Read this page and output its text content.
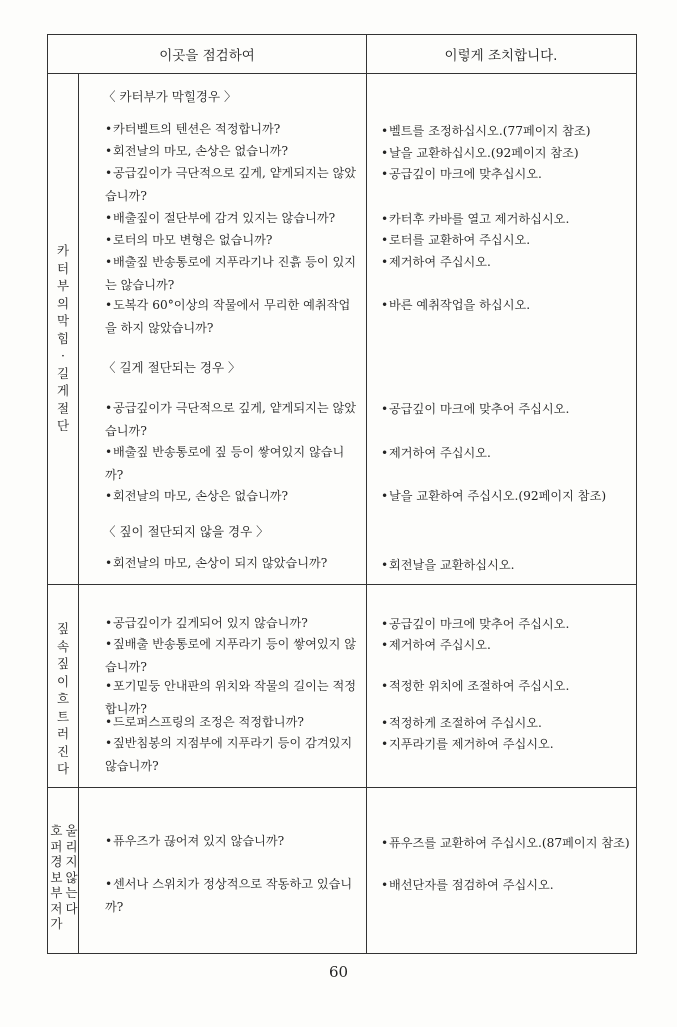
이곳을 점검하여	이렇게 조치합니다.
카
터
부
의
막
힘
·
길
게
절
단
짚
속
짚
이
흐
트
러
진
다
호
퍼
경
보
부
저
가
울
리
지
않
는
다
〈 카터부가 막힐경우 〉
〈 길게 절단되는 경우 〉
〈 짚이 절단되지 않을 경우 〉
•카터벨트의 텐션은 적정합니까?
•회전날의 마모, 손상은 없습니까?
•공급깊이가 극단적으로 깊게, 얕게되지는 않았습니까?
•배출짚이 절단부에 감겨 있지는 않습니까?
•로터의 마모 변형은 없습니까?
•배출짚 반송통로에 지푸라기나 진흙 등이 있지는 않습니까?
•도복각 60°이상의 작물에서 무리한 예취작업을 하지 않았습니까?
•공급깊이가 극단적으로 깊게, 얕게되지는 않았습니까?
•배출짚 반송통로에 짚 등이 쌓여있지 않습니까?
•회전날의 마모, 손상은 없습니까?
•회전날의 마모, 손상이 되지 않았습니까?
•공급깊이가 깊게되어 있지 않습니까?
•짚배출 반송통로에 지푸라기 등이 쌓여있지 않습니까?
•포기밑둥 안내판의 위치와 작물의 길이는 적정합니까?
•드로퍼스프링의 조정은 적정합니까?
•짚반침봉의 지점부에 지푸라기 등이 감겨있지 않습니까?
•퓨우즈가 끊어져 있지 않습니까?
•센서나 스위치가 정상적으로 작동하고 있습니까?
•벨트를 조정하십시오.(77페이지 참조)
•날을 교환하십시오.(92페이지 참조)
•공급깊이 마크에 맞추십시오.
•카터후 카바를 열고 제거하십시오.
•로터를 교환하여 주십시오.
•제거하여 주십시오.
•바른 예취작업을 하십시오.
•공급깊이 마크에 맞추어 주십시오.
•제거하여 주십시오.
•날을 교환하여 주십시오.(92페이지 참조)
•회전날을 교환하십시오.
•공급깊이 마크에 맞추어 주십시오.
•제거하여 주십시오.
•적정한 위치에 조절하여 주십시오.
•적정하게 조절하여 주십시오.
•지푸라기를 제거하여 주십시오.
•퓨우즈를 교환하여 주십시오.(87페이지 참조)
•배선단자를 점검하여 주십시오.
60
